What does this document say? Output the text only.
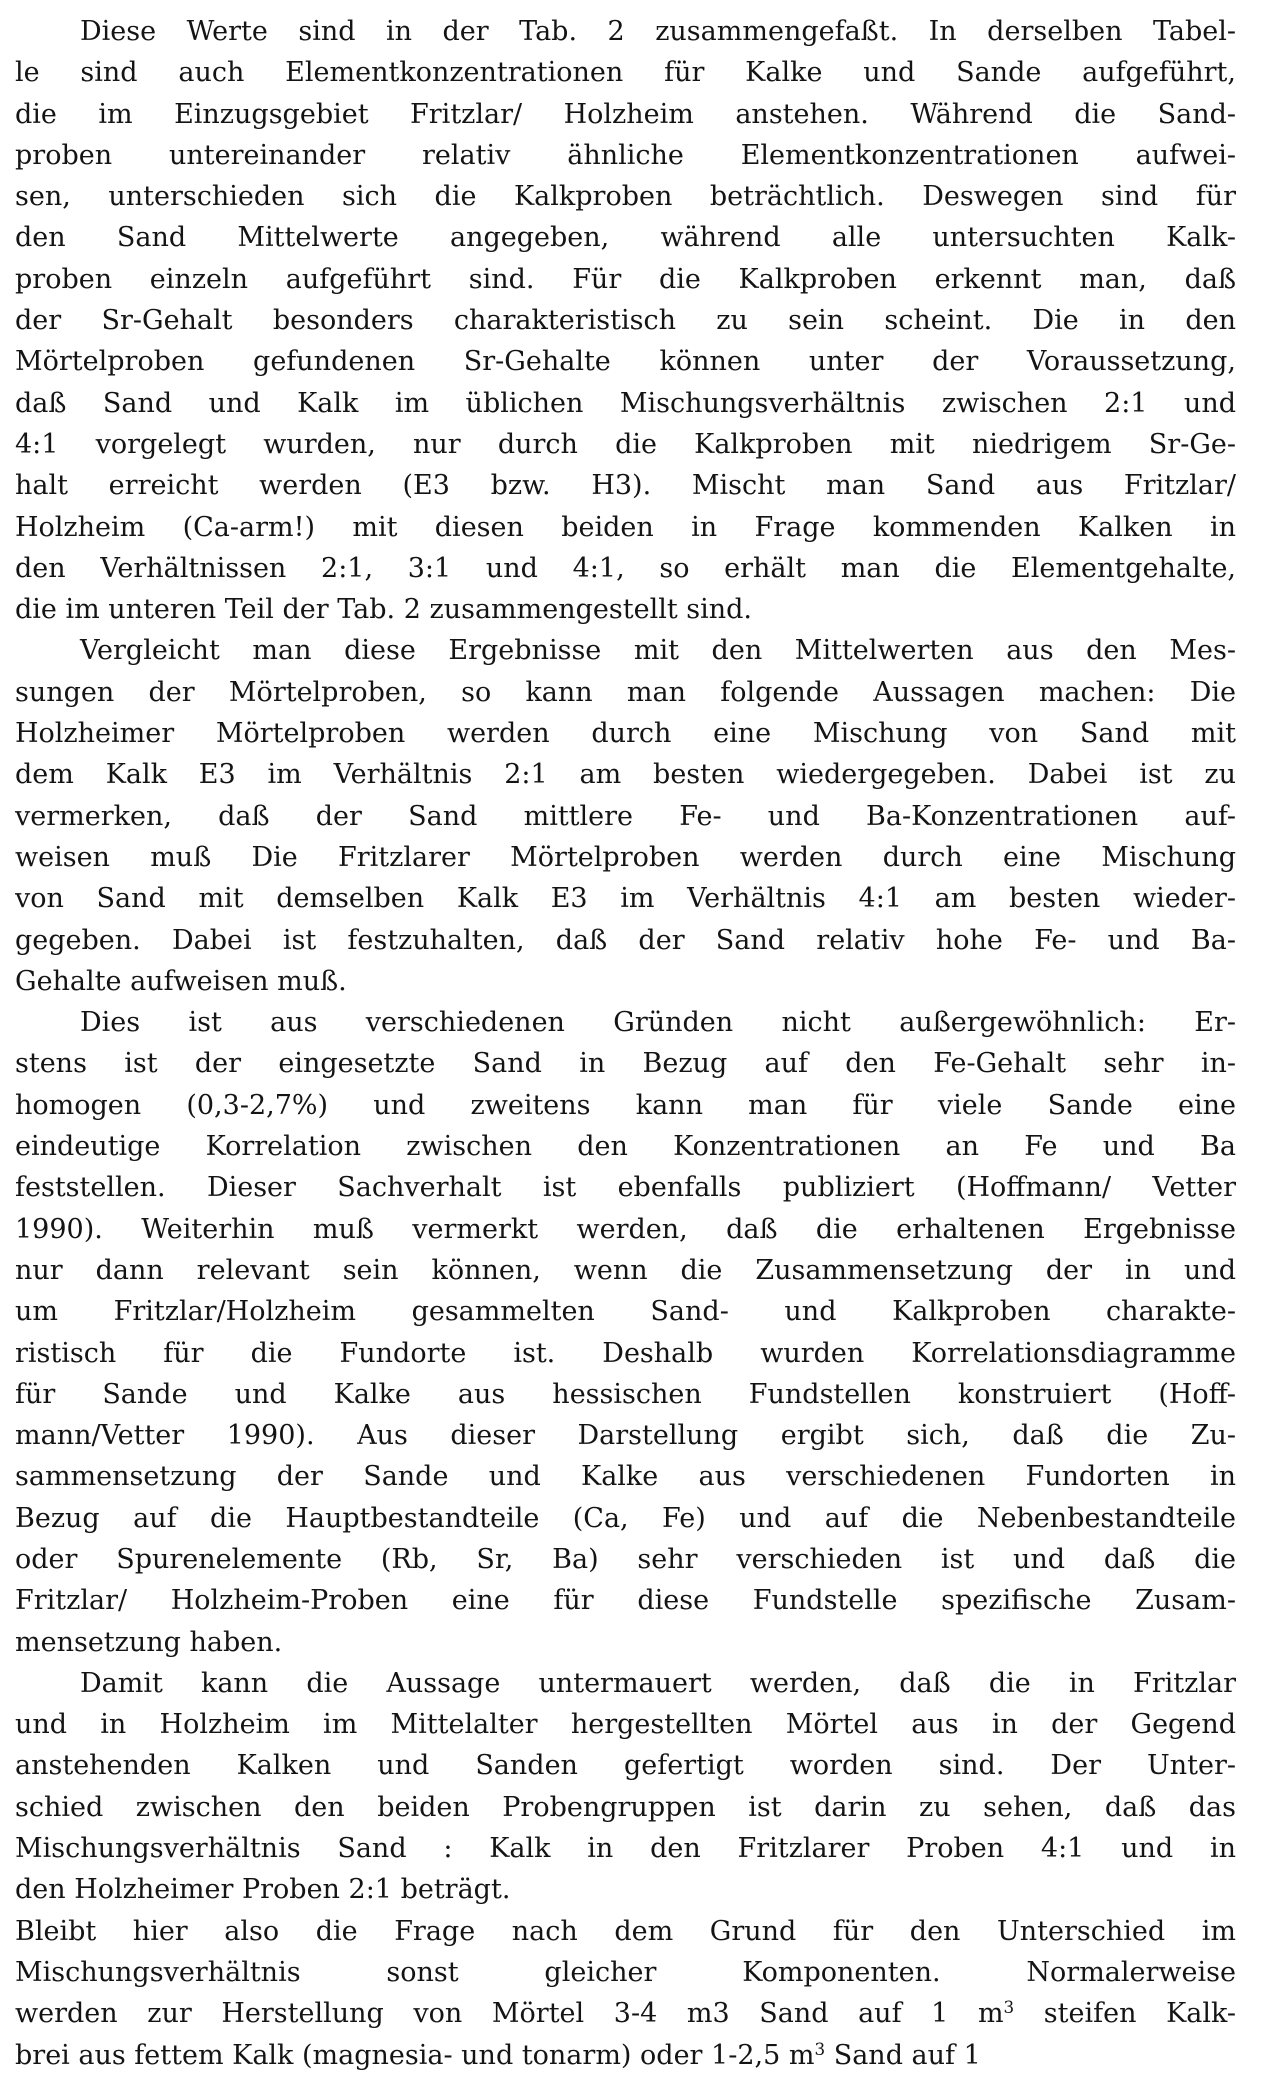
Diese Werte sind in der Tab. 2 zusammengefaßt. In derselben Tabel-
le sind auch Elementkonzentrationen für Kalke und Sande aufgeführt,
die im Einzugsgebiet Fritzlar/ Holzheim anstehen. Während die Sand-
proben untereinander relativ ähnliche Elementkonzentrationen aufwei-
sen, unterschieden sich die Kalkproben beträchtlich. Deswegen sind für
den Sand Mittelwerte angegeben, während alle untersuchten Kalk-
proben einzeln aufgeführt sind. Für die Kalkproben erkennt man, daß
der Sr-Gehalt besonders charakteristisch zu sein scheint. Die in den
Mörtelproben gefundenen Sr-Gehalte können unter der Voraussetzung,
daß Sand und Kalk im üblichen Mischungsverhältnis zwischen 2:1 und
4:1 vorgelegt wurden, nur durch die Kalkproben mit niedrigem Sr-Ge-
halt erreicht werden (E3 bzw. H3). Mischt man Sand aus Fritzlar/
Holzheim (Ca-arm!) mit diesen beiden in Frage kommenden Kalken in
den Verhältnissen 2:1, 3:1 und 4:1, so erhält man die Elementgehalte,
die im unteren Teil der Tab. 2 zusammengestellt sind.
Vergleicht man diese Ergebnisse mit den Mittelwerten aus den Mes-
sungen der Mörtelproben, so kann man folgende Aussagen machen: Die
Holzheimer Mörtelproben werden durch eine Mischung von Sand mit
dem Kalk E3 im Verhältnis 2:1 am besten wiedergegeben. Dabei ist zu
vermerken, daß der Sand mittlere Fe- und Ba-Konzentrationen auf-
weisen muß Die Fritzlarer Mörtelproben werden durch eine Mischung
von Sand mit demselben Kalk E3 im Verhältnis 4:1 am besten wieder-
gegeben. Dabei ist festzuhalten, daß der Sand relativ hohe Fe- und Ba-
Gehalte aufweisen muß.
Dies ist aus verschiedenen Gründen nicht außergewöhnlich: Er-
stens ist der eingesetzte Sand in Bezug auf den Fe-Gehalt sehr in-
homogen (0,3-2,7%) und zweitens kann man für viele Sande eine
eindeutige Korrelation zwischen den Konzentrationen an Fe und Ba
feststellen. Dieser Sachverhalt ist ebenfalls publiziert (Hoffmann/ Vetter
1990). Weiterhin muß vermerkt werden, daß die erhaltenen Ergebnisse
nur dann relevant sein können, wenn die Zusammensetzung der in und
um Fritzlar/Holzheim gesammelten Sand- und Kalkproben charakte-
ristisch für die Fundorte ist. Deshalb wurden Korrelationsdiagramme
für Sande und Kalke aus hessischen Fundstellen konstruiert (Hoff-
mann/Vetter 1990). Aus dieser Darstellung ergibt sich, daß die Zu-
sammensetzung der Sande und Kalke aus verschiedenen Fundorten in
Bezug auf die Hauptbestandteile (Ca, Fe) und auf die Nebenbestandteile
oder Spurenelemente (Rb, Sr, Ba) sehr verschieden ist und daß die
Fritzlar/ Holzheim-Proben eine für diese Fundstelle spezifische Zusam-
mensetzung haben.
Damit kann die Aussage untermauert werden, daß die in Fritzlar
und in Holzheim im Mittelalter hergestellten Mörtel aus in der Gegend
anstehenden Kalken und Sanden gefertigt worden sind. Der Unter-
schied zwischen den beiden Probengruppen ist darin zu sehen, daß das
Mischungsverhältnis Sand : Kalk in den Fritzlarer Proben 4:1 und in
den Holzheimer Proben 2:1 beträgt.
Bleibt hier also die Frage nach dem Grund für den Unterschied im
Mischungsverhältnis sonst gleicher Komponenten. Normalerweise
werden zur Herstellung von Mörtel 3-4 m3 Sand auf 1 $m^3$ steifen Kalk-
brei aus fettem Kalk (magnesia- und tonarm) oder 1-2,5 $m^3$ Sand auf 1
